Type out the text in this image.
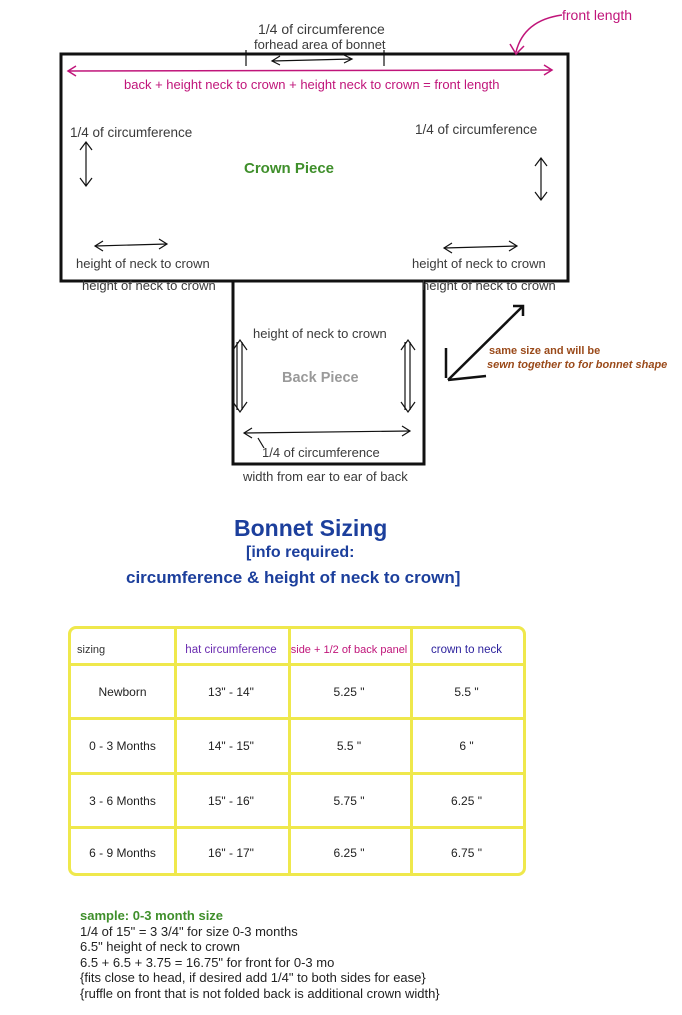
1/4 of circumference
forhead area of bonnet
front length
back + height neck to crown + height neck to crown = front length
1/4 of circumference	1/4 of circumference
Crown Piece
height of neck to crown	height of neck to crown
height of neck to crown	height of neck to crown
height of neck to crown
Back Piece
1/4 of circumference
width from ear to ear of back
same size and will be
sewn together to for bonnet shape
Bonnet Sizing
[info required:
circumference & height of neck to crown]
sizing	hat circumference	side + 1/2 of back panel	crown to neck
Newborn	13" - 14"	5.25 "	5.5 "
0 - 3 Months	14" - 15"	5.5 "	6 "
3 - 6 Months	15" - 16"	5.75 "	6.25 "
6 - 9 Months	16" - 17"	6.25 "	6.75 "
sample: 0-3 month size
1/4 of 15" = 3 3/4" for size 0-3 months
6.5" height of neck to crown
6.5 + 6.5 + 3.75 = 16.75" for front for 0-3 mo
{fits close to head, if desired add 1/4" to both sides for ease}
{ruffle on front that is not folded back is additional crown width}
